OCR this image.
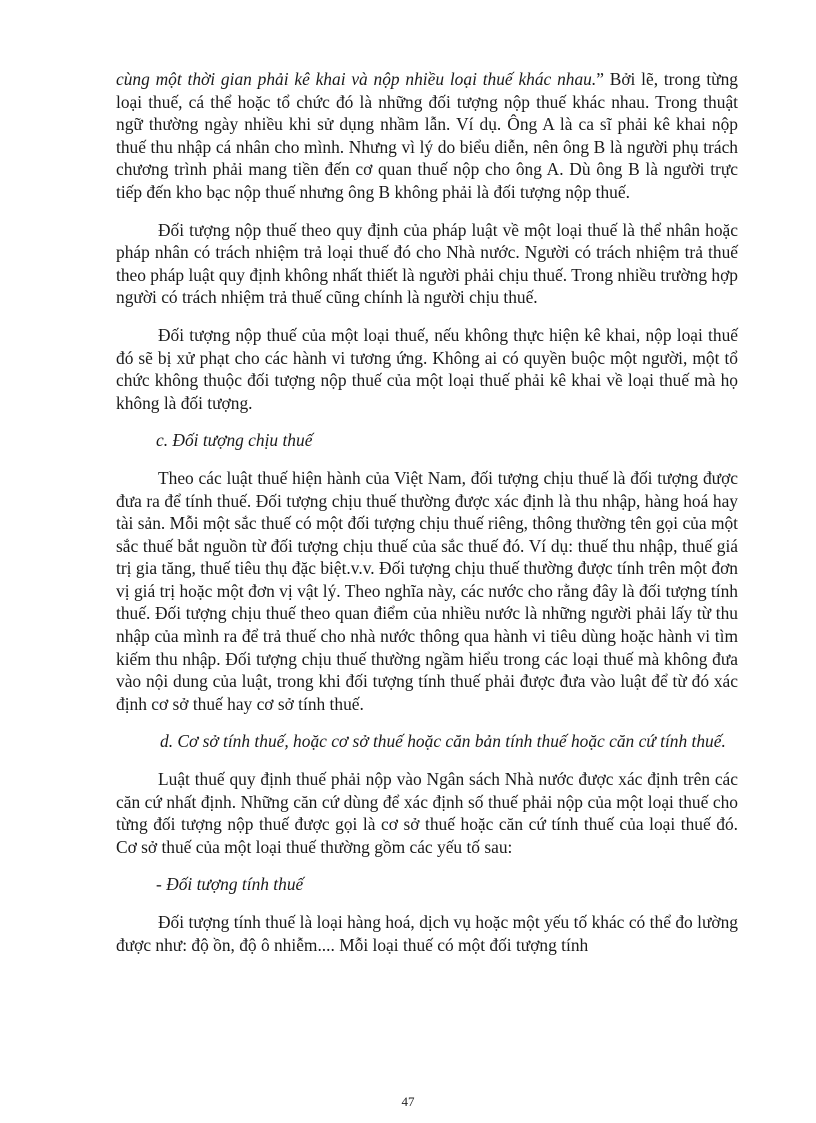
cùng một thời gian phải kê khai và nộp nhiều loại thuế khác nhau.” Bởi lẽ, trong từng loại thuế, cá thể hoặc tổ chức đó là những đối tượng nộp thuế khác nhau. Trong thuật ngữ thường ngày nhiều khi sử dụng nhầm lẫn. Ví dụ. Ông A là ca sĩ phải kê khai nộp thuế thu nhập cá nhân cho mình. Nhưng vì lý do biểu diễn, nên ông B là người phụ trách chương trình phải mang tiền đến cơ quan thuế nộp cho ông A. Dù ông B là người trực tiếp đến kho bạc nộp thuế nhưng ông B không phải là đối tượng nộp thuế.

Đối tượng nộp thuế theo quy định của pháp luật về một loại thuế là thể nhân hoặc pháp nhân có trách nhiệm trả loại thuế đó cho Nhà nước. Người có trách nhiệm trả thuế theo pháp luật quy định không nhất thiết là người phải chịu thuế. Trong nhiều trường hợp người có trách nhiệm trả thuế cũng chính là người chịu thuế.

Đối tượng nộp thuế của một loại thuế, nếu không thực hiện kê khai, nộp loại thuế đó sẽ bị xử phạt cho các hành vi tương ứng. Không ai có quyền buộc một người, một tổ chức không thuộc đối tượng nộp thuế của một loại thuế phải kê khai về loại thuế mà họ không là đối tượng.

c. Đối tượng chịu thuế

Theo các luật thuế hiện hành của Việt Nam, đối tượng chịu thuế là đối tượng được đưa ra để tính thuế. Đối tượng chịu thuế thường được xác định là thu nhập, hàng hoá hay tài sản. Mỗi một sắc thuế có một đối tượng chịu thuế riêng, thông thường tên gọi của một sắc thuế bắt nguồn từ đối tượng chịu thuế của sắc thuế đó. Ví dụ: thuế thu nhập, thuế giá trị gia tăng, thuế tiêu thụ đặc biệt.v.v. Đối tượng chịu thuế thường được tính trên một đơn vị giá trị hoặc một đơn vị vật lý. Theo nghĩa này, các nước cho rằng đây là đối tượng tính thuế. Đối tượng chịu thuế theo quan điểm của nhiều nước là những người phải lấy từ thu nhập của mình ra để trả thuế cho nhà nước thông qua hành vi tiêu dùng hoặc hành vi tìm kiếm thu nhập. Đối tượng chịu thuế thường ngầm hiểu trong các loại thuế mà không đưa vào nội dung của luật, trong khi đối tượng tính thuế phải được đưa vào luật để từ đó xác định cơ sở thuế hay cơ sở tính thuế.

d. Cơ sở tính thuế, hoặc cơ sở thuế hoặc căn bản tính thuế hoặc căn cứ tính thuế.

Luật thuế quy định thuế phải nộp vào Ngân sách Nhà nước được xác định trên các căn cứ nhất định. Những căn cứ dùng để xác định số thuế phải nộp của một loại thuế cho từng đối tượng nộp thuế được gọi là cơ sở thuế hoặc căn cứ tính thuế của loại thuế đó. Cơ sở thuế của một loại thuế thường gồm các yếu tố sau:

- Đối tượng tính thuế

Đối tượng tính thuế là loại hàng hoá, dịch vụ hoặc một yếu tố khác có thể đo lường được như: độ ồn, độ ô nhiễm.... Mỗi loại thuế có một đối tượng tính

47
